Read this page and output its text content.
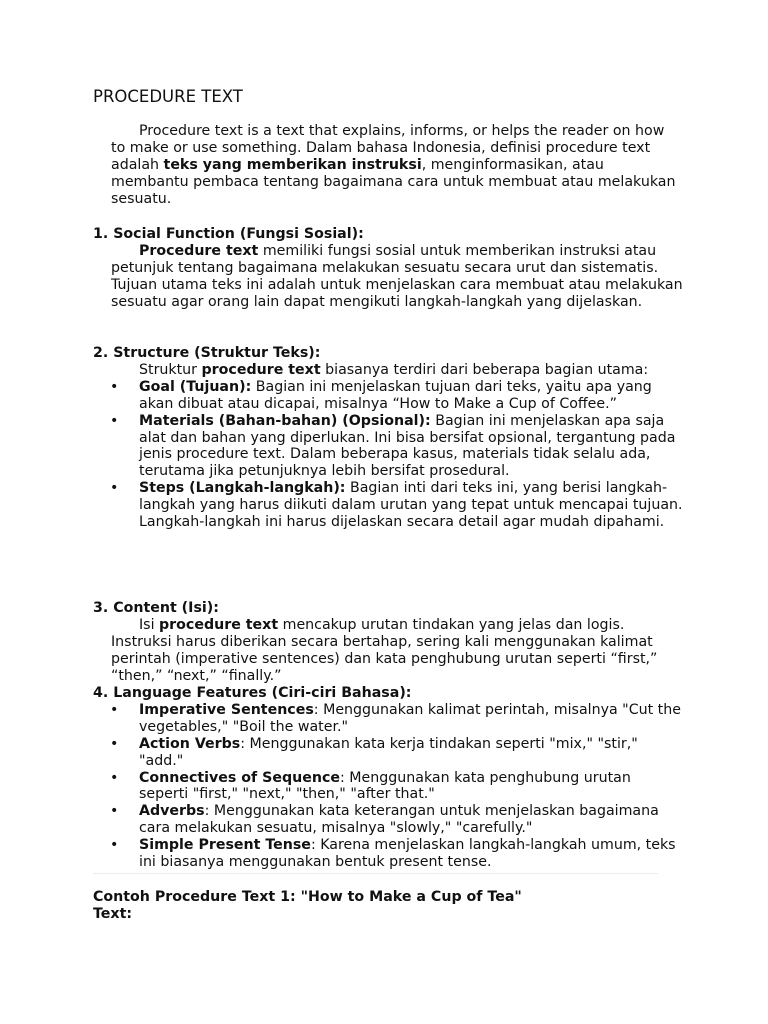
PROCEDURE TEXT

Procedure text is a text that explains, informs, or helps the reader on how to make or use something. Dalam bahasa Indonesia, definisi procedure text adalah teks yang memberikan instruksi, menginformasikan, atau membantu pembaca tentang bagaimana cara untuk membuat atau melakukan sesuatu.

1. Social Function (Fungsi Sosial):

Procedure text memiliki fungsi sosial untuk memberikan instruksi atau petunjuk tentang bagaimana melakukan sesuatu secara urut dan sistematis. Tujuan utama teks ini adalah untuk menjelaskan cara membuat atau melakukan sesuatu agar orang lain dapat mengikuti langkah-langkah yang dijelaskan.

2. Structure (Struktur Teks):

Struktur procedure text biasanya terdiri dari beberapa bagian utama:

• Goal (Tujuan): Bagian ini menjelaskan tujuan dari teks, yaitu apa yang akan dibuat atau dicapai, misalnya “How to Make a Cup of Coffee.”
• Materials (Bahan-bahan) (Opsional): Bagian ini menjelaskan apa saja alat dan bahan yang diperlukan. Ini bisa bersifat opsional, tergantung pada jenis procedure text. Dalam beberapa kasus, materials tidak selalu ada, terutama jika petunjuknya lebih bersifat prosedural.
• Steps (Langkah-langkah): Bagian inti dari teks ini, yang berisi langkah-langkah yang harus diikuti dalam urutan yang tepat untuk mencapai tujuan. Langkah-langkah ini harus dijelaskan secara detail agar mudah dipahami.

3. Content (Isi):

Isi procedure text mencakup urutan tindakan yang jelas dan logis. Instruksi harus diberikan secara bertahap, sering kali menggunakan kalimat perintah (imperative sentences) dan kata penghubung urutan seperti “first,” “then,” “next,” “finally.”

4. Language Features (Ciri-ciri Bahasa):

• Imperative Sentences: Menggunakan kalimat perintah, misalnya "Cut the vegetables," "Boil the water."
• Action Verbs: Menggunakan kata kerja tindakan seperti "mix," "stir," "add."
• Connectives of Sequence: Menggunakan kata penghubung urutan seperti "first," "next," "then," "after that."
• Adverbs: Menggunakan kata keterangan untuk menjelaskan bagaimana cara melakukan sesuatu, misalnya "slowly," "carefully."
• Simple Present Tense: Karena menjelaskan langkah-langkah umum, teks ini biasanya menggunakan bentuk present tense.

Contoh Procedure Text 1: "How to Make a Cup of Tea"

Text:
